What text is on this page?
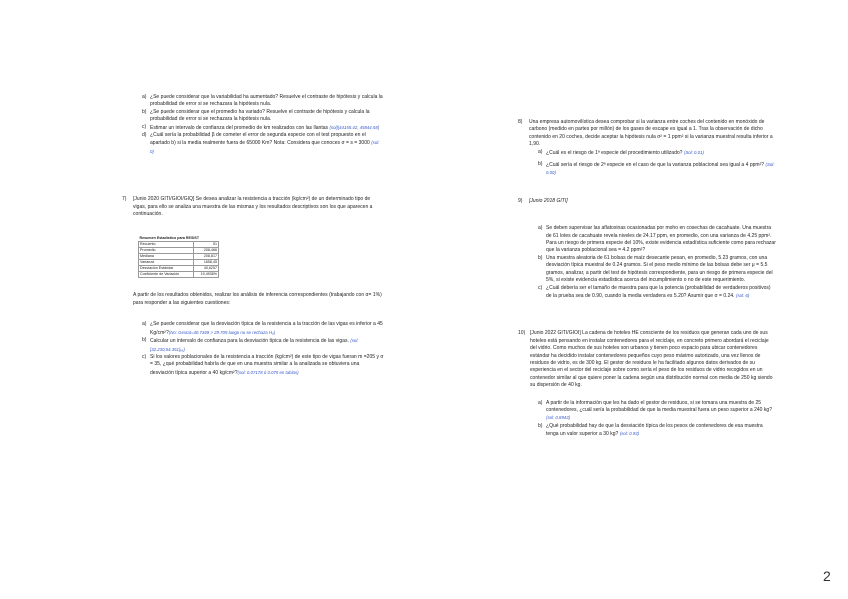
a) ¿Se puede considerar que la variabilidad ha aumentado? Resuelve el contraste de hipótesis y calcula la probabilidad de error si se rechazara la hipótesis nula.
b) ¿Se puede considerar que el promedio ha variado? Resuelve el contraste de hipótesis y calcula la probabilidad de error si se rechazara la hipótesis nula.
c) Estimar un intervalo de confianza del promedio de km realizados con las llantas (sol)[44155.42, 45844.58]
d) ¿Cuál sería la probabilidad β de cometer el error de segunda especie con el test propuesto en el apartado b) si la media realmente fuera de 65000 Km? Nota: Considera que conoces σ = s = 3000 (sol: 0)
7)	[Junio 2020 GITI/GIOI/GIQ] Se desea analizar la resistencia a tracción (kg/cm²) de un determinado tipo de vigas, para ello se analiza una muestra de las mismas y los resultados descriptivos son los que aparecen a continuación.
Resumen Estadístico para RESIST	
Recuento	51
Promedio	208,466
Mediana	208,817
Varianza	1658,45
Desviación Estándar	40,6257
Coeficiente de Variación	19,4936%
A partir de los resultados obtenidos, realizar los análisis de inferencia correspondientes (trabajando con α= 1%) para responder a las siguientes cuestiones:
a) ¿Se puede considerar que la desviación típica de la resistencia a la tracción de las vigas es inferior a 45 Kg/cm²?(No: Gestat=40.7369 > 29.709 luego no se rechaza H₀)
b) Calcular un intervalo de confianza para la desviación típica de la resistencia de las vigas. (sol: [32.230,54.351]ₑₓ)
c) Si los valores poblacionales de la resistencia a tracción (kg/cm²) de este tipo de vigas fueran m =205 y σ = 35, ¿qué probabilidad habría de que en una muestra similar a la analizada se obtuviera una desviación típica superior a 40 kg/cm²?(sol: 0.07178 ó 0.075 en tablas)
8)	Una empresa automovilística desea comprobar si la varianza entre coches del contenido en monóxido de carbono (medido en partes por millón) de los gases de escape es igual a 1. Tras la observación de dicho contenido en 20 coches, decide aceptar la hipótesis nula σ² = 1 ppm² si la varianza muestral resulta inferior a 1,90.
a) ¿Cuál es el riesgo de 1ª especie del procedimiento utilizado? (Sol: 0.01)
b) ¿Cuál sería el riesgo de 2ª especie en el caso de que la varianza poblacional sea igual a 4 ppm²? (Sol: 0.00)
9)	[Junio 2018 GITI]
a) Se deben supervisar las aflatoxinas ocasionadas por moho en cosechas de cacahuate. Una muestra de 61 lotes de cacahuate revela niveles de 24.17 ppm, en promedio, con una varianza de 4.25 ppm². Para un riesgo de primera especie del 10%, existe evidencia estadística suficiente como para rechazar que la varianza poblacional sea = 4.2 ppm²?
b) Una muestra aleatoria de 61 bolsas de maíz desecante pesan, en promedio, 5.23 gramos, con una desviación típica muestral de 0.24 gramos. Si el peso medio mínimo de las bolsas debe ser μ = 5.5 gramos, analizar, a partir del test de hipótesis correspondiente, para un riesgo de primera especie del 5%, si existe evidencia estadística acerca del incumplimiento o no de este requerimiento.
c) ¿Cuál debería ser el tamaño de muestra para que la potencia (probabilidad de verdaderos positivos) de la prueba sea de 0.90, cuando la media verdadera es 5.20? Asumir que σ = 0.24. (sol: 6)
10) [Junio 2022 GITI/GIOI] La cadena de hoteles HE consciente de los residuos que generan cada uno de sus hoteles está pensando en instalar contenedores para el reciclaje, en concreto primero abordará el reciclaje del vidrio. Como muchos de sus hoteles son urbanos y tienen poco espacio para ubicar contenedores estándar ha decidido instalar contenedores pequeños cuyo peso máximo autorizado, una vez llenos de residuos de vidrio, es de 300 kg. El gestor de residuos le ha facilitado algunos datos derivados de su experiencia en el sector del reciclaje sobre como sería el peso de los residuos de vidrio recogidos en un contenedor similar al que quiere poner la cadena según una distribución normal con media de 250 kg siendo su dispersión de 40 kg.
a) A partir de la información que les ha dado el gestor de residuos, si se tomara una muestra de 25 contenedores, ¿cuál sería la probabilidad de que la media muestral fuera un peso superior a 240 kg? (sol: 0.8943)
b) ¿Qué probabilidad hay de que la desviación típica de los pesos de contenedores de esa muestra tenga un valor superior a 30 kg? (sol: 0.93)
2
